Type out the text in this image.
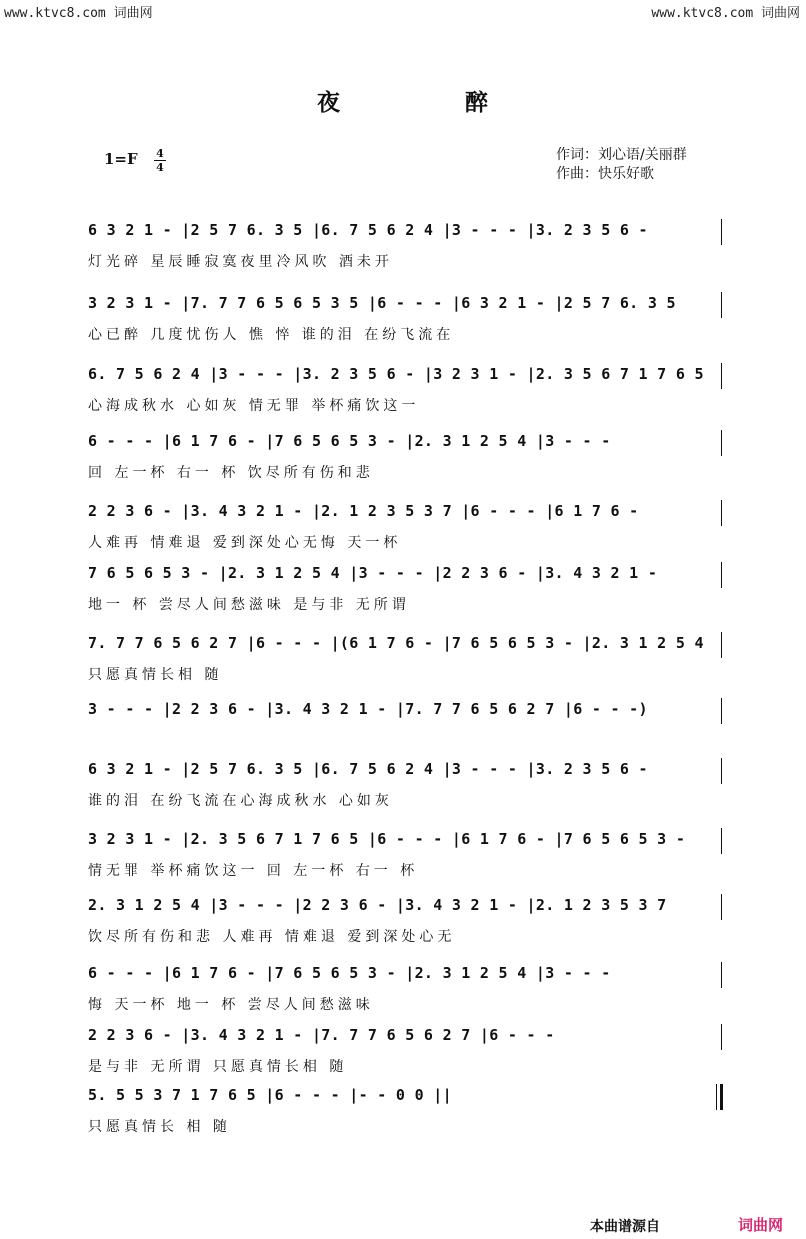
www.ktvc8.com 词曲网	www.ktvc8.com 词曲网
夜	醉
1=F 4
4
作词：刘心语/关丽群
作曲：快乐好歌
6 3 2 1 - |2 5 7 6. 3 5 |6. 7 5 6 2 4 |3 - - - |3. 2 3 5 6 -
灯光碎 星辰睡寂寞夜里冷风吹 酒未开
3 2 3 1 - |7. 7 7 6 5 6 5 3 5 |6 - - - |6 3 2 1 - |2 5 7 6. 3 5
心已醉 几度忧伤人 憔 悴 谁的泪 在纷飞流在
6. 7 5 6 2 4 |3 - - - |3. 2 3 5 6 - |3 2 3 1 - |2. 3 5 6 7 1 7 6 5
心海成秋水 心如灰 情无罪 举杯痛饮这一
6 - - - |6 1 7 6 - |7 6 5 6 5 3 - |2. 3 1 2 5 4 |3 - - -
回 左一杯 右一 杯 饮尽所有伤和悲
2 2 3 6 - |3. 4 3 2 1 - |2. 1 2 3 5 3 7 |6 - - - |6 1 7 6 -
人难再 情难退 爱到深处心无悔 天一杯
7 6 5 6 5 3 - |2. 3 1 2 5 4 |3 - - - |2 2 3 6 - |3. 4 3 2 1 -
地一 杯 尝尽人间愁滋味 是与非 无所谓
7. 7 7 6 5 6 2 7 |6 - - - |(6 1 7 6 - |7 6 5 6 5 3 - |2. 3 1 2 5 4
只愿真情长相 随
3 - - - |2 2 3 6 - |3. 4 3 2 1 - |7. 7 7 6 5 6 2 7 |6 - - -)
6 3 2 1 - |2 5 7 6. 3 5 |6. 7 5 6 2 4 |3 - - - |3. 2 3 5 6 -
谁的泪 在纷飞流在心海成秋水 心如灰
3 2 3 1 - |2. 3 5 6 7 1 7 6 5 |6 - - - |6 1 7 6 - |7 6 5 6 5 3 -
情无罪 举杯痛饮这一 回 左一杯 右一 杯
2. 3 1 2 5 4 |3 - - - |2 2 3 6 - |3. 4 3 2 1 - |2. 1 2 3 5 3 7
饮尽所有伤和悲 人难再 情难退 爱到深处心无
6 - - - |6 1 7 6 - |7 6 5 6 5 3 - |2. 3 1 2 5 4 |3 - - -
悔 天一杯 地一 杯 尝尽人间愁滋味
2 2 3 6 - |3. 4 3 2 1 - |7. 7 7 6 5 6 2 7 |6 - - -
是与非 无所谓 只愿真情长相 随
5. 5 5 3 7 1 7 6 5 |6 - - - |- - 0 0 ||
只愿真情长 相 随
本曲谱源自	词曲网
